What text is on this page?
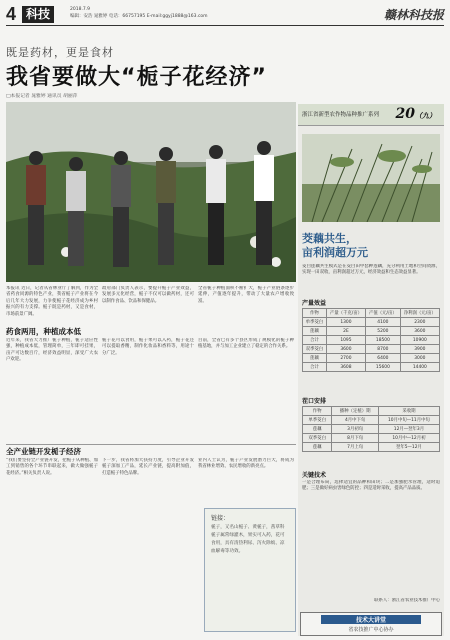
4 科技	2018.7.9
编辑：安浩 晁雅婷 电话：66757195 E-mail:ggyj1888@163.com	赣林科技报
既是药材，更是食材
我省要做大“栀子花经济”
□本报记者 晁雅婷 通讯员 胡丽萍
本报讯 近日，记者从省林业厅了解到，作为全省药食同源的特色产业，我省栀子产业将在今后几年大力发展，力争使栀子花经济成为乡村振兴的有力支撑。栀子既是药材，又是食材，市场前景广阔。
政府部门负责人表示，要提升栀子产业效益，发展多元化经营，栀子不仅可以做药材，还可以制作食品、饮品和保健品。
全省栀子种植面积不断扩大，栀子产业链条逐步延伸，产值逐年提升，带动了大量农户增收致富。
药食两用，种植成本低
近年来，我省大力推广栀子种植，栀子适应性强，种植成本低，管理简单，三年即可挂果，亩产可达数百斤，经济效益明显，深受广大农户欢迎。
栀子花可以食用，栀子果可以入药，栀子花还可以提取香精，制作化妆品和香料等，用途十分广泛。
目前，全省已有多个县区形成了规模化的栀子种植基地，并与加工企业建立了稳定的合作关系。
全产业链开发栀子经济
“我们要坚持全产业链开发，把栀子从种植、加工到销售的各个环节串联起来，做大做强栀子花经济。”相关负责人说。
下一步，我省将加大扶持力度，引导企业开发栀子深加工产品，延长产业链，提高附加值，打造栀子特色品牌。
业内人士认为，栀子产业发展潜力巨大，将成为我省林业增效、农民增收的新亮点。
链接：
栀子，又名山栀子、黄栀子，茜草科栀子属常绿灌木，果实可入药，花可食用，具有清热利尿、泻火除烦、凉血解毒等功效。
浙江省新型农作物品种推广系列 20（九）
茭藕共生，
亩利润超万元
茭白莲藕共生模式是在茭白田中套种莲藕，充分利用土地和空间资源，实现一田双收，亩利润超过万元，经济效益和生态效益显著。
产量效益
作物	产量（千克/亩）	产值（元/亩）	净利润（元/亩）
单季茭白	1300	4100	2300
莲藕	2E	5200	3600
合计	1095	18500	10900
双季茭白	3600	8700	3900
莲藕	2700	6400	3000
合计	3608	15600	14400
茬口安排
作物	播种（定植）期	采收期
单季茭白	4月中下旬	10月中旬—11月中旬
莲藕	3月初旬	12月—翌年3月
双季茭白	8月下旬	10月中—12月初
莲藕	7月上旬	翌年5—12月
关键技术
一是合理布局，选择适宜的品种和田块；二是加强肥水管理，适时追肥；三是做好病虫害绿色防控；四是适时采收，提高产品品质。
联系人：浙江省农业技术推广中心
技术大讲堂
省农技推广中心协办
